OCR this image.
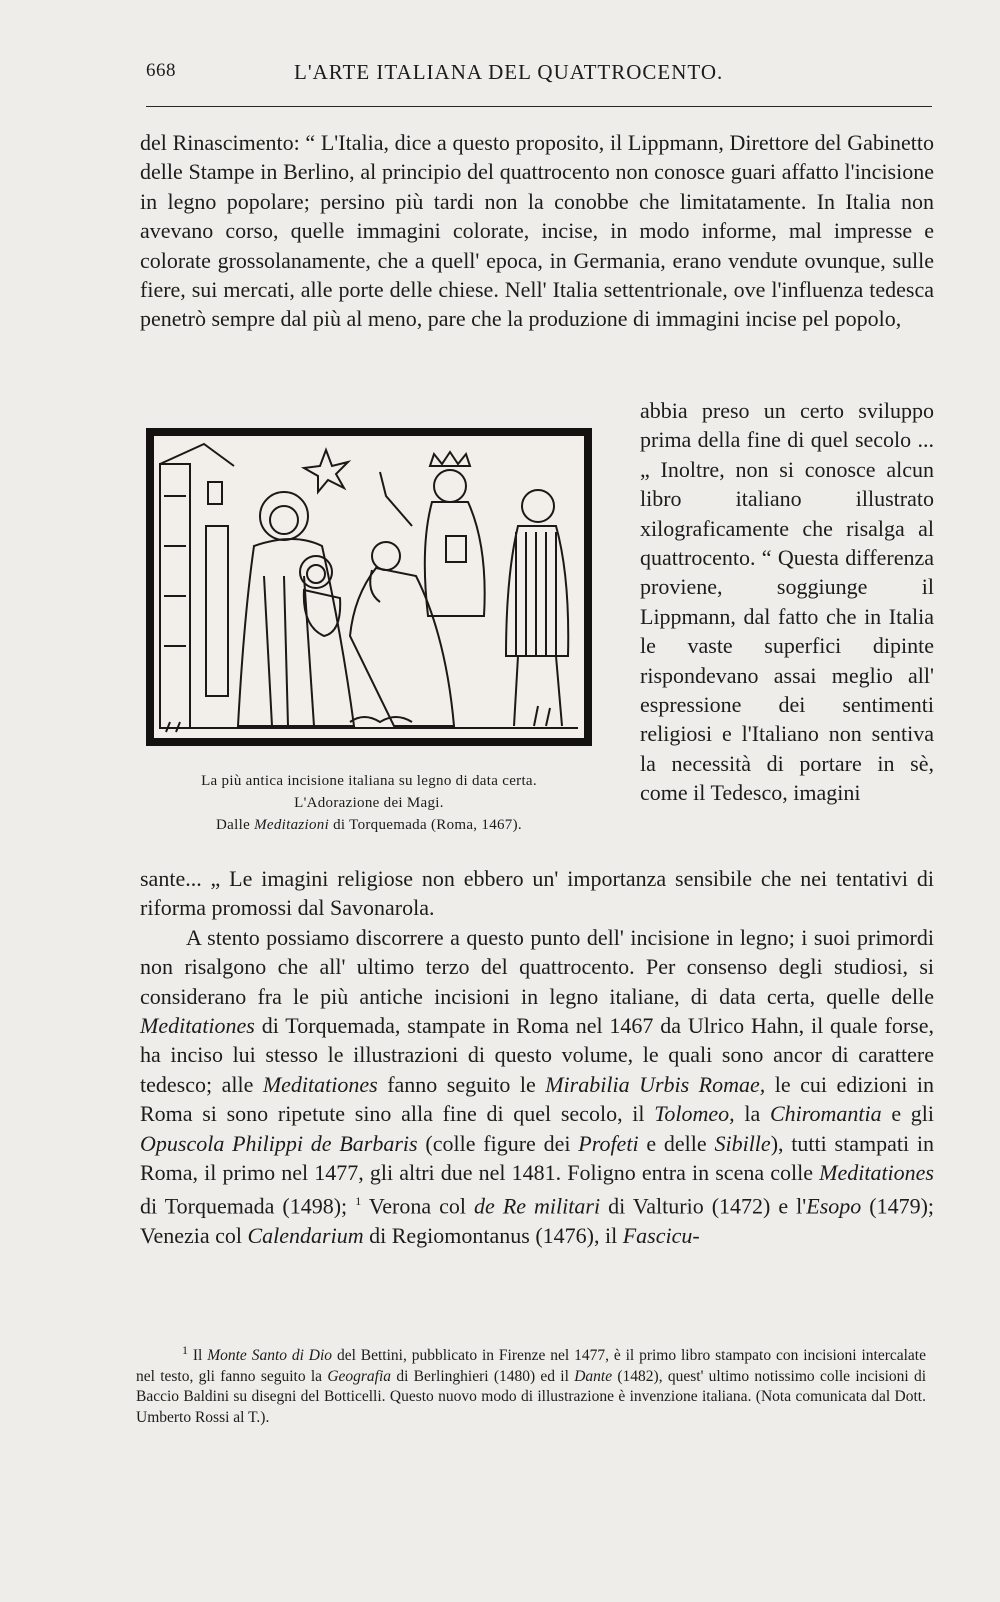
668	L'ARTE ITALIANA DEL QUATTROCENTO.
del Rinascimento: “ L'Italia, dice a questo proposito, il Lippmann, Direttore del Gabinetto delle Stampe in Berlino, al principio del quattrocento non conosce guari affatto l'incisione in legno popolare; persino più tardi non la conobbe che limitatamente. In Italia non avevano corso, quelle immagini colorate, incise, in modo informe, mal impresse e colorate grossolanamente, che a quell' epoca, in Germania, erano vendute ovunque, sulle fiere, sui mercati, alle porte delle chiese. Nell' Italia settentrionale, ove l'influenza tedesca penetrò sempre dal più al meno, pare che la produzione di immagini incise pel popolo,
abbia preso un certo sviluppo prima della fine di quel secolo ... „ Inoltre, non si conosce alcun libro italiano illustrato xilograficamente che risalga al quattrocento. “ Questa differenza proviene, soggiunge il Lippmann, dal fatto che in Italia le vaste superfici dipinte rispondevano assai meglio all' espressione dei sentimenti religiosi e l'Italiano non sentiva la necessità di portare in sè, come il Tedesco, imagini
La più antica incisione italiana su legno di data certa.
L'Adorazione dei Magi.
Dalle Meditazioni di Torquemada (Roma, 1467).
sante... „ Le imagini religiose non ebbero un' importanza sensibile che nei tentativi di riforma promossi dal Savonarola.
A stento possiamo discorrere a questo punto dell' incisione in legno; i suoi primordi non risalgono che all' ultimo terzo del quattrocento. Per consenso degli studiosi, si considerano fra le più antiche incisioni in legno italiane, di data certa, quelle delle Meditationes di Torquemada, stampate in Roma nel 1467 da Ulrico Hahn, il quale forse, ha inciso lui stesso le illustrazioni di questo volume, le quali sono ancor di carattere tedesco; alle Meditationes fanno seguito le Mirabilia Urbis Romae, le cui edizioni in Roma si sono ripetute sino alla fine di quel secolo, il Tolomeo, la Chiromantia e gli Opuscola Philippi de Barbaris (colle figure dei Profeti e delle Sibille), tutti stampati in Roma, il primo nel 1477, gli altri due nel 1481. Foligno entra in scena colle Meditationes di Torquemada (1498); $^1$ Verona col de Re militari di Valturio (1472) e l'Esopo (1479); Venezia col Calendarium di Regiomontanus (1476), il Fascicu-
$^1$ Il Monte Santo di Dio del Bettini, pubblicato in Firenze nel 1477, è il primo libro stampato con incisioni intercalate nel testo, gli fanno seguito la Geografia di Berlinghieri (1480) ed il Dante (1482), quest' ultimo notissimo colle incisioni di Baccio Baldini su disegni del Botticelli. Questo nuovo modo di illustrazione è invenzione italiana. (Nota comunicata dal Dott. Umberto Rossi al T.).
